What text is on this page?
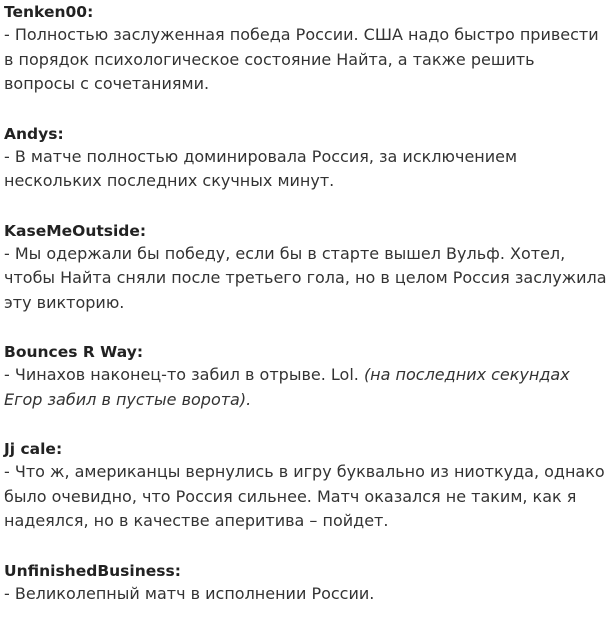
Tenken00:
- Полностью заслуженная победа России. США надо быстро привести в порядок психологическое состояние Найта, а также решить вопросы с сочетаниями.
Andys:
- В матче полностью доминировала Россия, за исключением нескольких последних скучных минут.
KaseMeOutside:
- Мы одержали бы победу, если бы в старте вышел Вульф. Хотел, чтобы Найта сняли после третьего гола, но в целом Россия заслужила эту викторию.
Bounces R Way:
- Чинахов наконец-то забил в отрыве. Lol. (на последних секундах Егор забил в пустые ворота).
Jj cale:
- Что ж, американцы вернулись в игру буквально из ниоткуда, однако было очевидно, что Россия сильнее. Матч оказался не таким, как я надеялся, но в качестве аперитива – пойдет.
UnfinishedBusiness:
- Великолепный матч в исполнении России.
